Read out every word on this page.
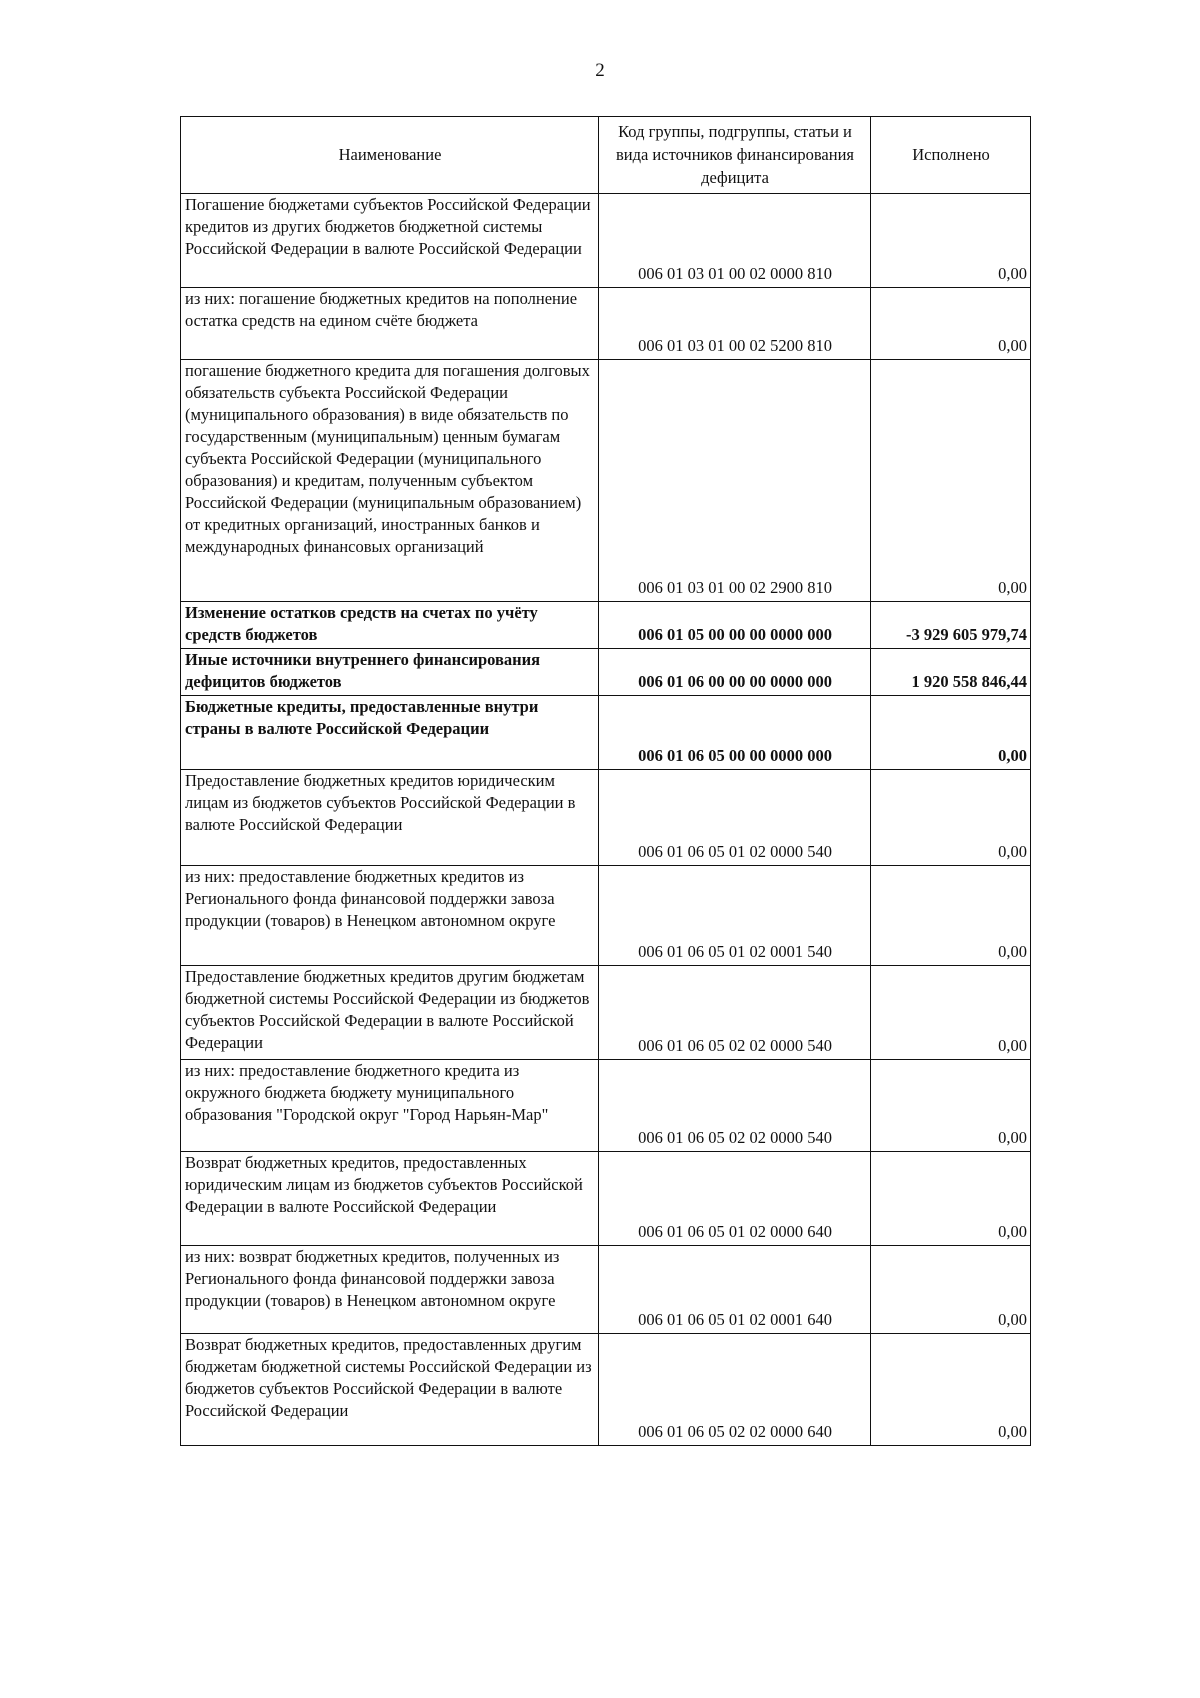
2
Наименование	Код группы, подгруппы, статьи и вида источников финансирования дефицита	Исполнено
Погашение бюджетами субъектов Российской Федерации кредитов из других бюджетов бюджетной системы Российской Федерации в валюте Российской Федерации	006 01 03 01 00 02 0000 810	0,00
из них: погашение бюджетных кредитов на пополнение остатка средств на едином счёте бюджета	006 01 03 01 00 02 5200 810	0,00
погашение бюджетного кредита для погашения долговых обязательств субъекта Российской Федерации (муниципального образования) в виде обязательств по государственным (муниципальным) ценным бумагам субъекта Российской Федерации (муниципального образования) и кредитам, полученным субъектом Российской Федерации (муниципальным образованием) от кредитных организаций, иностранных банков и международных финансовых организаций	006 01 03 01 00 02 2900 810	0,00
Изменение остатков средств на счетах по учёту средств бюджетов	006 01 05 00 00 00 0000 000	-3 929 605 979,74
Иные источники внутреннего финансирования дефицитов бюджетов	006 01 06 00 00 00 0000 000	1 920 558 846,44
Бюджетные кредиты, предоставленные внутри страны в валюте Российской Федерации	006 01 06 05 00 00 0000 000	0,00
Предоставление бюджетных кредитов юридическим лицам из бюджетов субъектов Российской Федерации в валюте Российской Федерации	006 01 06 05 01 02 0000 540	0,00
из них: предоставление бюджетных кредитов из Регионального фонда финансовой поддержки завоза продукции (товаров) в Ненецком автономном округе	006 01 06 05 01 02 0001 540	0,00
Предоставление бюджетных кредитов другим бюджетам бюджетной системы Российской Федерации из бюджетов субъектов Российской Федерации в валюте Российской Федерации	006 01 06 05 02 02 0000 540	0,00
из них: предоставление бюджетного кредита из окружного бюджета бюджету муниципального образования "Городской округ "Город Нарьян-Мар"	006 01 06 05 02 02 0000 540	0,00
Возврат бюджетных кредитов, предоставленных юридическим лицам из бюджетов субъектов Российской Федерации в валюте Российской Федерации	006 01 06 05 01 02 0000 640	0,00
из них: возврат бюджетных кредитов, полученных из Регионального фонда финансовой поддержки завоза продукции (товаров) в Ненецком автономном округе	006 01 06 05 01 02 0001 640	0,00
Возврат бюджетных кредитов, предоставленных другим бюджетам бюджетной системы Российской Федерации из бюджетов субъектов Российской Федерации в валюте Российской Федерации	006 01 06 05 02 02 0000 640	0,00
